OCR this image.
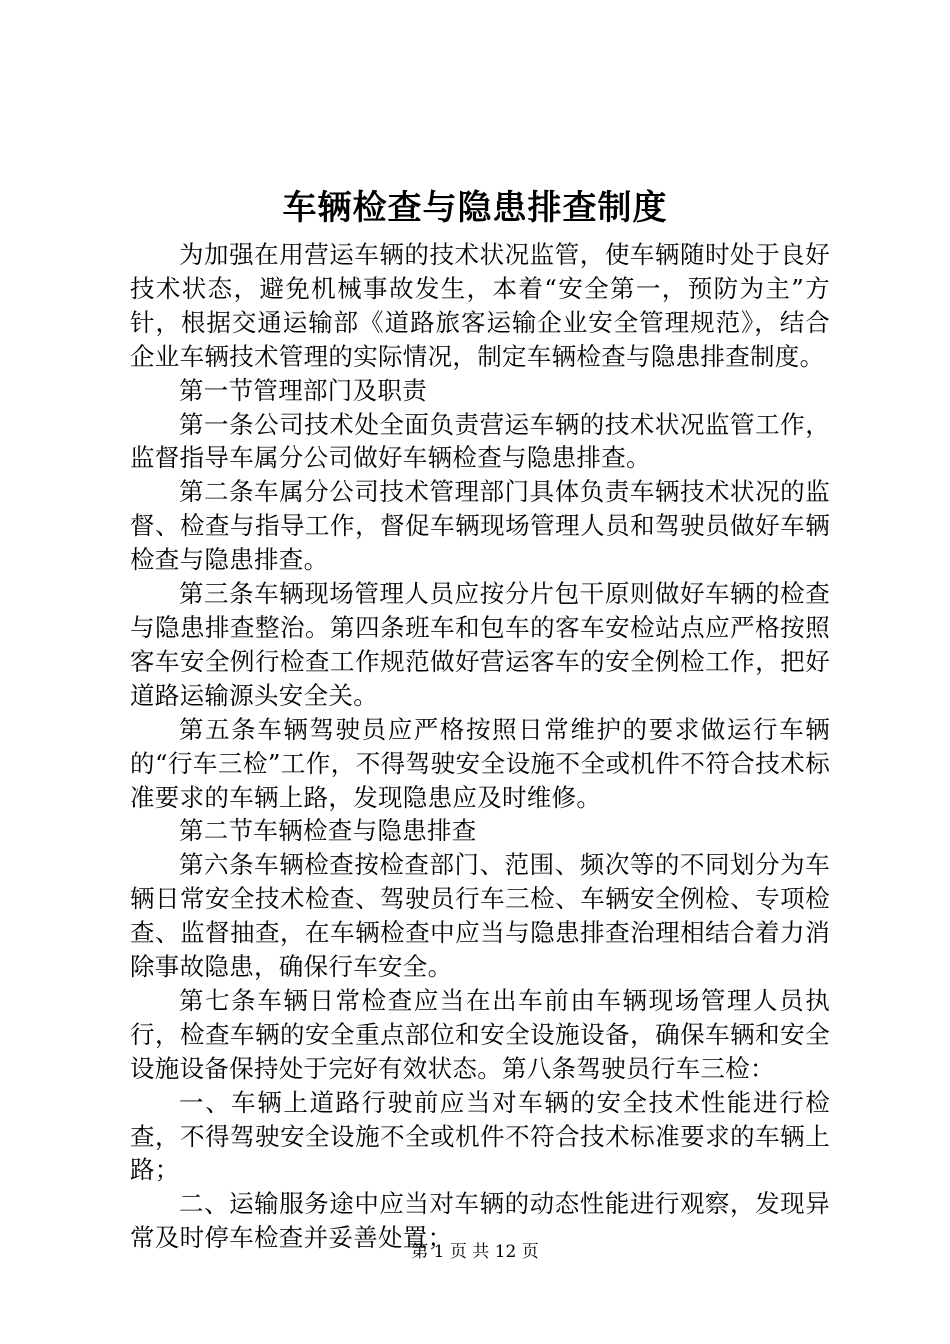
车辆检查与隐患排查制度

为加强在用营运车辆的技术状况监管，使车辆随时处于良好技术状态，避免机械事故发生，本着“安全第一，预防为主”方针，根据交通运输部《道路旅客运输企业安全管理规范》，结合企业车辆技术管理的实际情况，制定车辆检查与隐患排查制度。

第一节管理部门及职责

第一条公司技术处全面负责营运车辆的技术状况监管工作，监督指导车属分公司做好车辆检查与隐患排查。

第二条车属分公司技术管理部门具体负责车辆技术状况的监督、检查与指导工作，督促车辆现场管理人员和驾驶员做好车辆检查与隐患排查。

第三条车辆现场管理人员应按分片包干原则做好车辆的检查与隐患排查整治。第四条班车和包车的客车安检站点应严格按照客车安全例行检查工作规范做好营运客车的安全例检工作，把好道路运输源头安全关。

第五条车辆驾驶员应严格按照日常维护的要求做运行车辆的“行车三检”工作，不得驾驶安全设施不全或机件不符合技术标准要求的车辆上路，发现隐患应及时维修。

第二节车辆检查与隐患排查

第六条车辆检查按检查部门、范围、频次等的不同划分为车辆日常安全技术检查、驾驶员行车三检、车辆安全例检、专项检查、监督抽查，在车辆检查中应当与隐患排查治理相结合着力消除事故隐患，确保行车安全。

第七条车辆日常检查应当在出车前由车辆现场管理人员执行，检查车辆的安全重点部位和安全设施设备，确保车辆和安全设施设备保持处于完好有效状态。第八条驾驶员行车三检：

一、车辆上道路行驶前应当对车辆的安全技术性能进行检查，不得驾驶安全设施不全或机件不符合技术标准要求的车辆上路；

二、运输服务途中应当对车辆的动态性能进行观察，发现异常及时停车检查并妥善处置；

第 1 页 共 12 页
